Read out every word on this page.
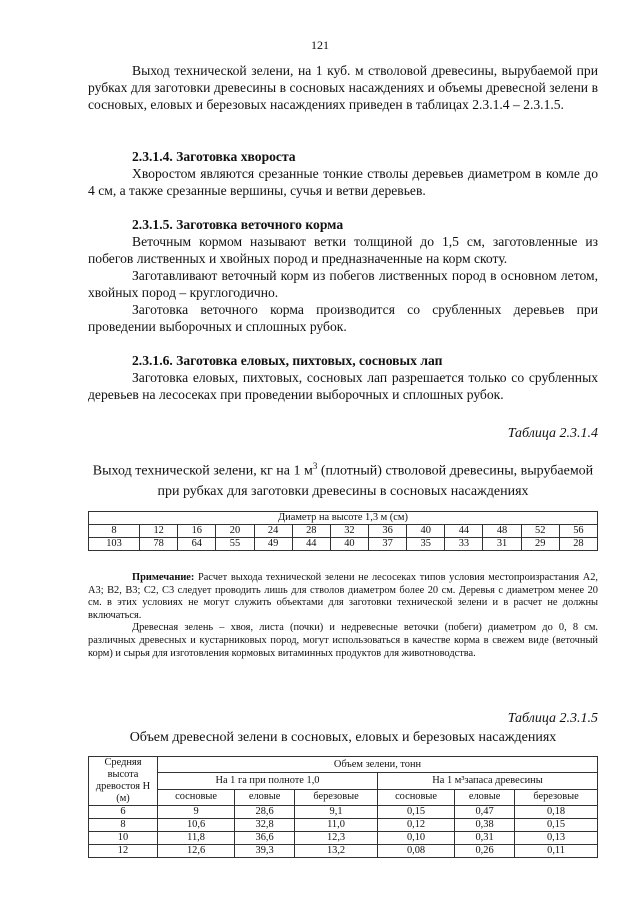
121

Выход технической зелени, на 1 куб. м стволовой древесины, вырубаемой при рубках для заготовки древесины в сосновых насаждениях и объемы древесной зелени в сосновых, еловых и березовых насаждениях приведен в таблицах 2.3.1.4 – 2.3.1.5.

2.3.1.4. Заготовка хвороста

Хворостом являются срезанные тонкие стволы деревьев диаметром в комле до 4 см, а также срезанные вершины, сучья и ветви деревьев.

2.3.1.5. Заготовка веточного корма

Веточным кормом называют ветки толщиной до 1,5 см, заготовленные из побегов лиственных и хвойных пород и предназначенные на корм скоту.

Заготавливают веточный корм из побегов лиственных пород в основном летом, хвойных пород – круглогодично.

Заготовка веточного корма производится со срубленных деревьев при проведении выборочных и сплошных рубок.

2.3.1.6. Заготовка еловых, пихтовых, сосновых лап

Заготовка еловых, пихтовых, сосновых лап разрешается только со срубленных деревьев на лесосеках при проведении выборочных и сплошных рубок.

Таблица 2.3.1.4

Выход технической зелени, кг на 1 $м^3$ (плотный) стволовой древесины, вырубаемой при рубках для заготовки древесины в сосновых насаждениях

Диаметр на высоте 1,3 м (см)												
8	12	16	20	24	28	32	36	40	44	48	52	56
103	78	64	55	49	44	40	37	35	33	31	29	28

Примечание: Расчет выхода технической зелени не лесосеках типов условия местопроизрастания А2, А3; В2, В3; С2, С3 следует проводить лишь для стволов диаметром более 20 см. Деревья с диаметром менее 20 см. в этих условиях не могут служить объектами для заготовки технической зелени и в расчет не должны включаться.

Древесная зелень – хвоя, листа (почки) и недревесные веточки (побеги) диаметром до 0, 8 см. различных древесных и кустарниковых пород, могут использоваться в качестве корма в свежем виде (веточный корм) и сырья для изготовления кормовых витаминных продуктов для животноводства.

Таблица 2.3.1.5

Объем древесной зелени в сосновых, еловых и березовых насаждениях

Средняя высота древостоя Н (м)	Объем зелени, тонн					
	На 1 га при полноте 1,0			На 1 м³запаса древесины		
	сосновые	еловые	березовые	сосновые	еловые	березовые
6	9	28,6	9,1	0,15	0,47	0,18
8	10,6	32,8	11,0	0,12	0,38	0,15
10	11,8	36,6	12,3	0,10	0,31	0,13
12	12,6	39,3	13,2	0,08	0,26	0,11
